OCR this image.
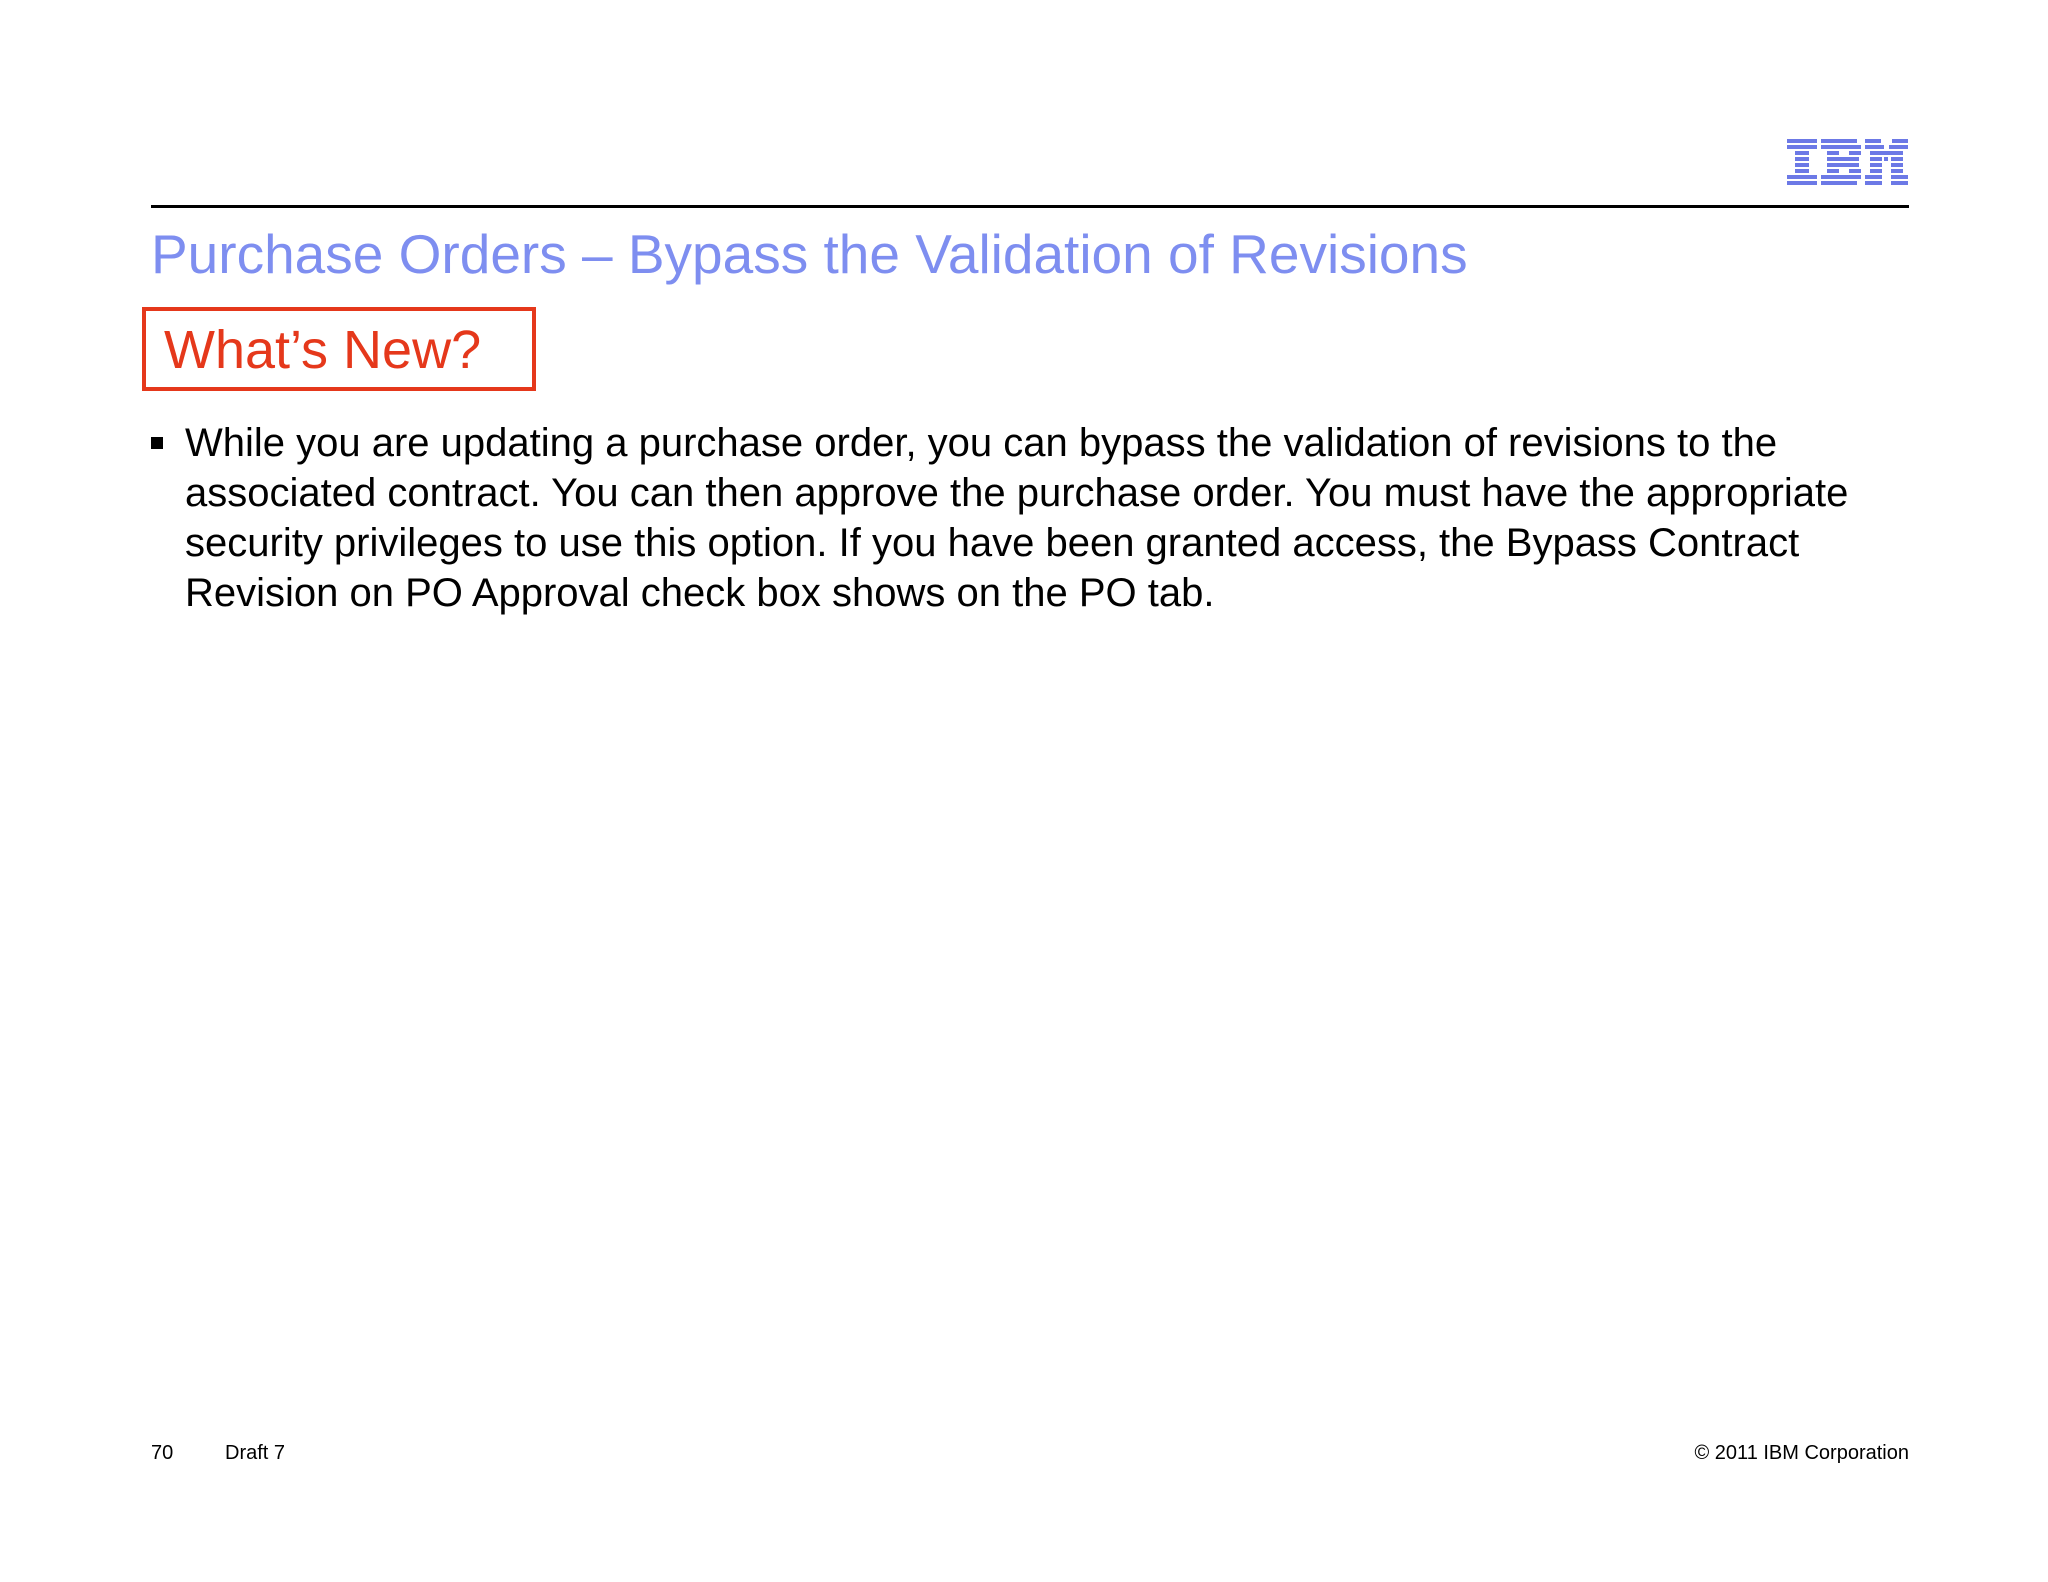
Purchase Orders – Bypass the Validation of Revisions
What’s New?
While you are updating a purchase order, you can bypass the validation of revisions to the associated contract. You can then approve the purchase order. You must have the appropriate security privileges to use this option. If you have been granted access, the Bypass Contract Revision on PO Approval check box shows on the PO tab.
70	Draft 7	© 2011 IBM Corporation
